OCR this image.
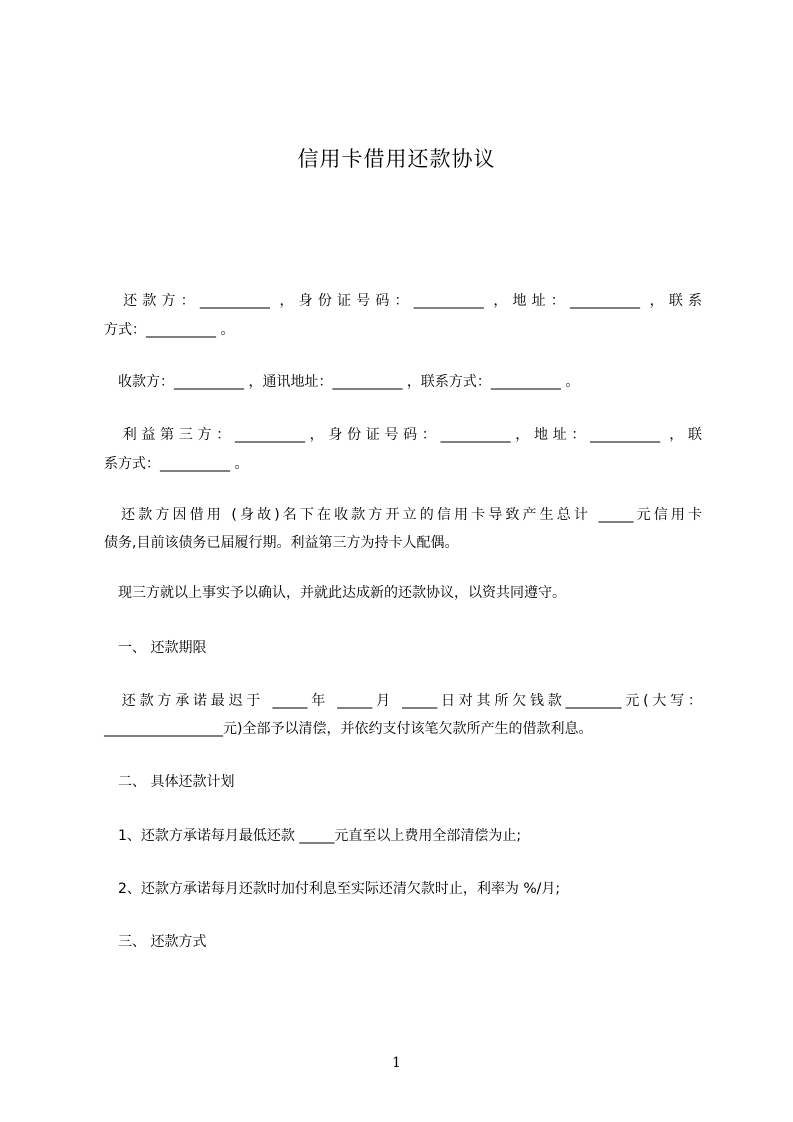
信用卡借用还款协议
　还款方：__________ ，身份证号码：__________ ，地址：__________ ，联系
方式：__________ 。
　收款方：__________ ，通讯地址：__________ ，联系方式：__________ 。
　利益第三方：__________，身份证号码：__________，地址：__________ ，联
系方式：__________ 。
　还款方因借用 (身故)名下在收款方开立的信用卡导致产生总计 _____元信用卡
债务,目前该债务已届履行期。利益第三方为持卡人配偶。
　现三方就以上事实予以确认，并就此达成新的还款协议，以资共同遵守。
　一、 还款期限
　还款方承诺最迟于 _____年 _____月 _____日对其所欠钱款________元(大写：
_________________元)全部予以清偿，并依约支付该笔欠款所产生的借款利息。
　二、 具体还款计划
　1、还款方承诺每月最低还款 _____元直至以上费用全部清偿为止;
　2、还款方承诺每月还款时加付利息至实际还清欠款时止，利率为 %/月;
　三、 还款方式
1
